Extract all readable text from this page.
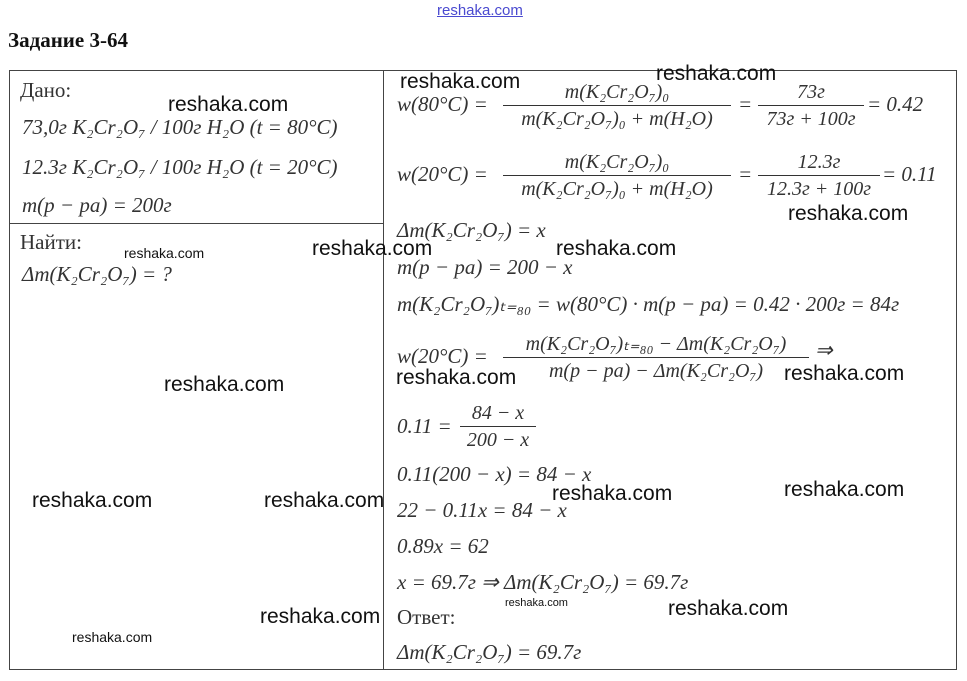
reshaka.com
Задание 3-64
Дано:
73,0г K₂Cr₂O₇ / 100г H₂O (t = 80°C)
12.3г K₂Cr₂O₇ / 100г H₂O (t = 20°C)
m(p − pa) = 200г
Найти:
Δm(K₂Cr₂O₇) = ?
$w(80^\circ C) = \frac{\text{m(K₂Cr₂O₇)₀}}{\text{m(K₂Cr₂O₇)₀ + m(H₂O)}}$ =	73г
73г + 100г
= 0.42
$w(20^\circ C) = \frac{\text{m(K₂Cr₂O₇)₀}}{\text{m(K₂Cr₂O₇)₀ + m(H₂O)}}$ =	12.3г
12.3г + 100г
= 0.11
Δm(K₂Cr₂O₇) = x
m(p − pa) = 200 − x
m(K₂Cr₂O₇)ₜ₌₈₀ = w(80°C) · m(p − pa) = 0.42 · 200г = 84г
$w(20^\circ C) = \frac{\text{m(K₂Cr₂O₇)ₜ₌₈₀ − Δm(K₂Cr₂O₇)}}{\text{m(p − pa) − Δm(K₂Cr₂O₇)}}$ ⇒
$0.11 = \frac{84 - x}{200 - x}$
0.11(200 − x) = 84 − x
22 − 0.11x = 84 − x
0.89x = 62
x = 69.7г ⇒ Δm(K₂Cr₂O₇) = 69.7г
Ответ:
Δm(K₂Cr₂O₇) = 69.7г
reshaka.com	reshaka.com
reshaka.com
reshaka.com
reshaka.com	reshaka.com	reshaka.com
reshaka.com	reshaka.com	reshaka.com
reshaka.com	reshaka.com	reshaka.com	reshaka.com
reshaka.com
reshaka.com	reshaka.com
reshaka.com
